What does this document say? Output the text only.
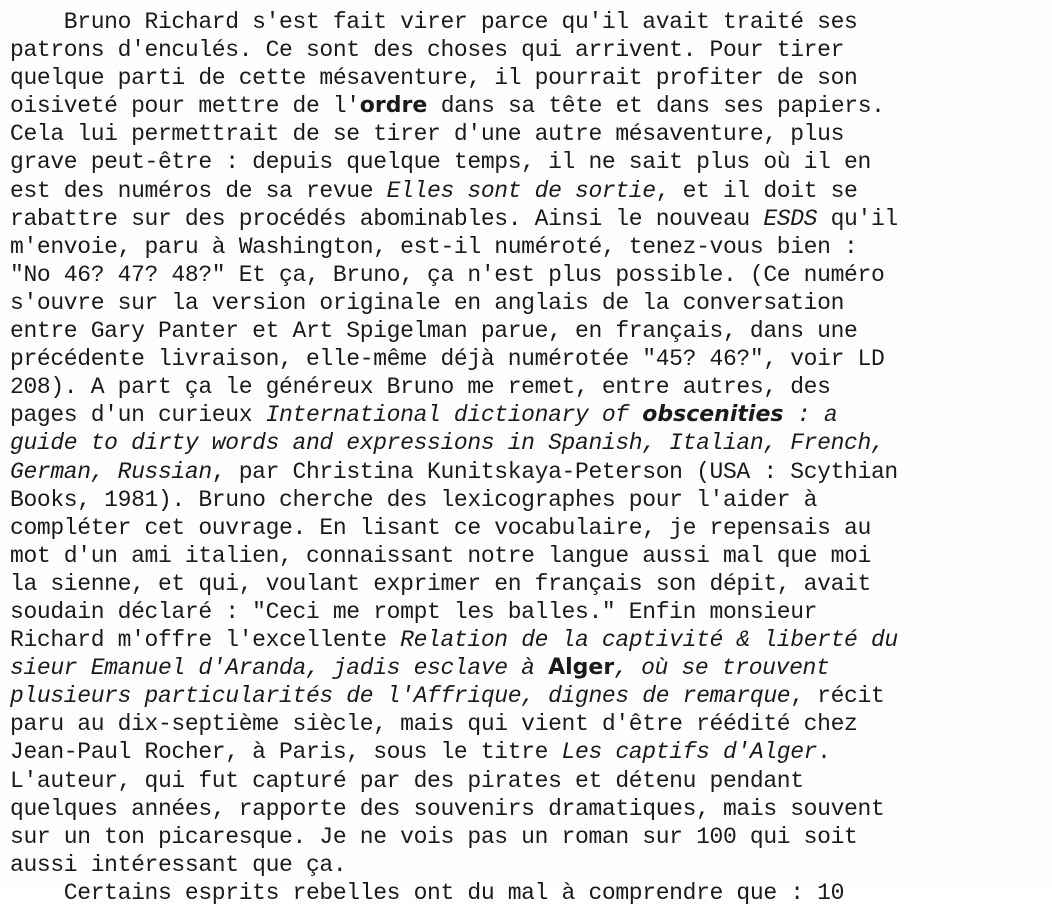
Bruno Richard s'est fait virer parce qu'il avait traité ses
patrons d'enculés. Ce sont des choses qui arrivent. Pour tirer
quelque parti de cette mésaventure, il pourrait profiter de son
oisiveté pour mettre de l'ordre dans sa tête et dans ses papiers.
Cela lui permettrait de se tirer d'une autre mésaventure, plus
grave peut-être : depuis quelque temps, il ne sait plus où il en
est des numéros de sa revue Elles sont de sortie, et il doit se
rabattre sur des procédés abominables. Ainsi le nouveau ESDS qu'il
m'envoie, paru à Washington, est-il numéroté, tenez-vous bien :
"No 46? 47? 48?" Et ça, Bruno, ça n'est plus possible. (Ce numéro
s'ouvre sur la version originale en anglais de la conversation
entre Gary Panter et Art Spigelman parue, en français, dans une
précédente livraison, elle-même déjà numérotée "45? 46?", voir LD
208). A part ça le généreux Bruno me remet, entre autres, des
pages d'un curieux International dictionary of obscenities : a
guide to dirty words and expressions in Spanish, Italian, French,
German, Russian, par Christina Kunitskaya-Peterson (USA : Scythian
Books, 1981). Bruno cherche des lexicographes pour l'aider à
compléter cet ouvrage. En lisant ce vocabulaire, je repensais au
mot d'un ami italien, connaissant notre langue aussi mal que moi
la sienne, et qui, voulant exprimer en français son dépit, avait
soudain déclaré : "Ceci me rompt les balles." Enfin monsieur
Richard m'offre l'excellente Relation de la captivité & liberté du
sieur Emanuel d'Aranda, jadis esclave à Alger, où se trouvent
plusieurs particularités de l'Affrique, dignes de remarque, récit
paru au dix-septième siècle, mais qui vient d'être réédité chez
Jean-Paul Rocher, à Paris, sous le titre Les captifs d'Alger.
L'auteur, qui fut capturé par des pirates et détenu pendant
quelques années, rapporte des souvenirs dramatiques, mais souvent
sur un ton picaresque. Je ne vois pas un roman sur 100 qui soit
aussi intéressant que ça.
Certains esprits rebelles ont du mal à comprendre que : 10
